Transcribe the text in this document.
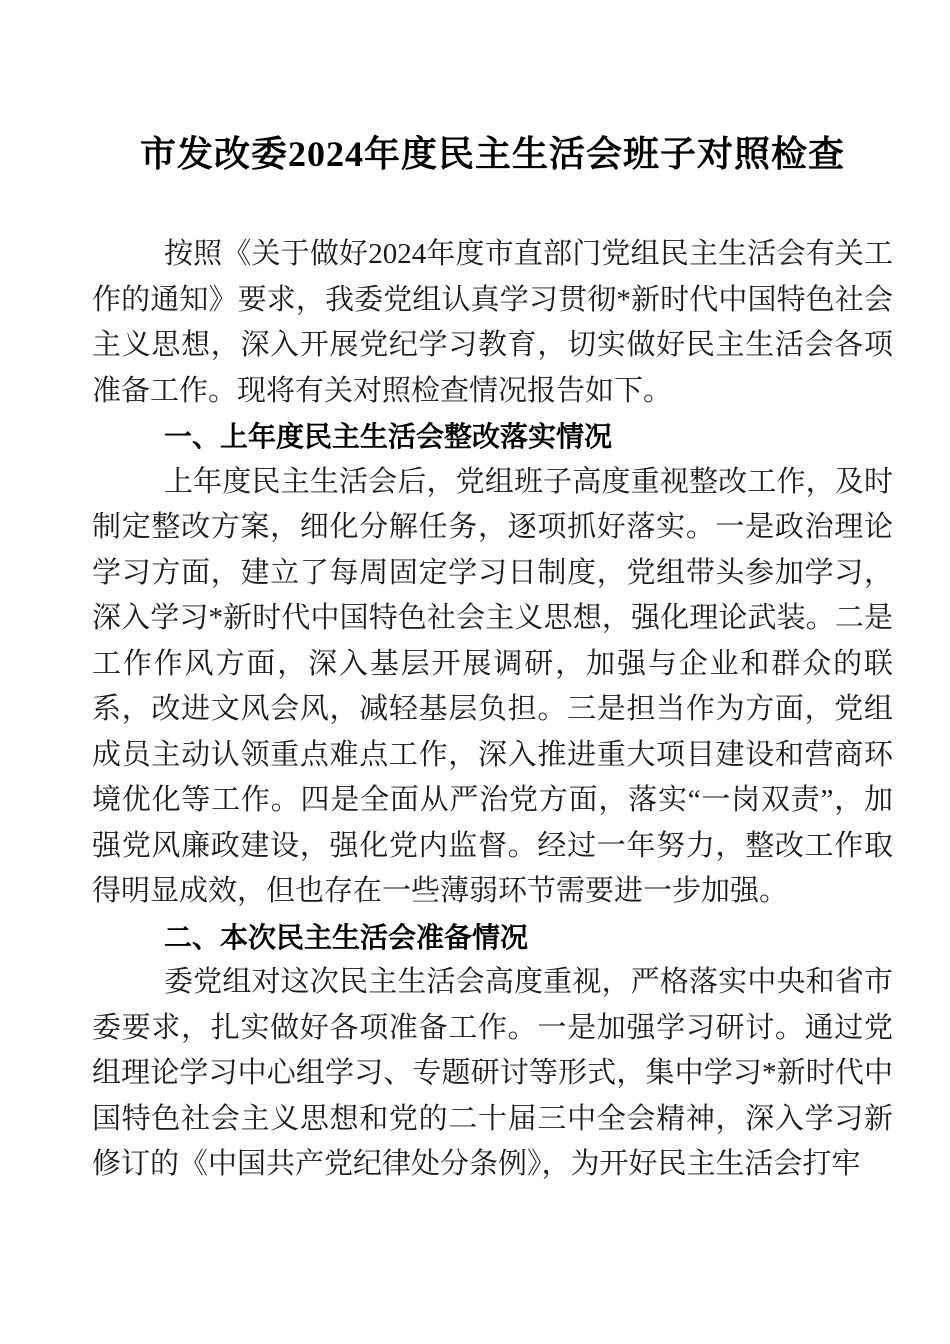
市发改委2024年度民主生活会班子对照检查

按照《关于做好2024年度市直部门党组民主生活会有关工作的通知》要求，我委党组认真学习贯彻*新时代中国特色社会主义思想，深入开展党纪学习教育，切实做好民主生活会各项准备工作。现将有关对照检查情况报告如下。

一、上年度民主生活会整改落实情况

上年度民主生活会后，党组班子高度重视整改工作，及时制定整改方案，细化分解任务，逐项抓好落实。一是政治理论学习方面，建立了每周固定学习日制度，党组带头参加学习，深入学习*新时代中国特色社会主义思想，强化理论武装。二是工作作风方面，深入基层开展调研，加强与企业和群众的联系，改进文风会风，减轻基层负担。三是担当作为方面，党组成员主动认领重点难点工作，深入推进重大项目建设和营商环境优化等工作。四是全面从严治党方面，落实“一岗双责”，加强党风廉政建设，强化党内监督。经过一年努力，整改工作取得明显成效，但也存在一些薄弱环节需要进一步加强。

二、本次民主生活会准备情况

委党组对这次民主生活会高度重视，严格落实中央和省市委要求，扎实做好各项准备工作。一是加强学习研讨。通过党组理论学习中心组学习、专题研讨等形式，集中学习*新时代中国特色社会主义思想和党的二十届三中全会精神，深入学习新修订的《中国共产党纪律处分条例》，为开好民主生活会打牢
